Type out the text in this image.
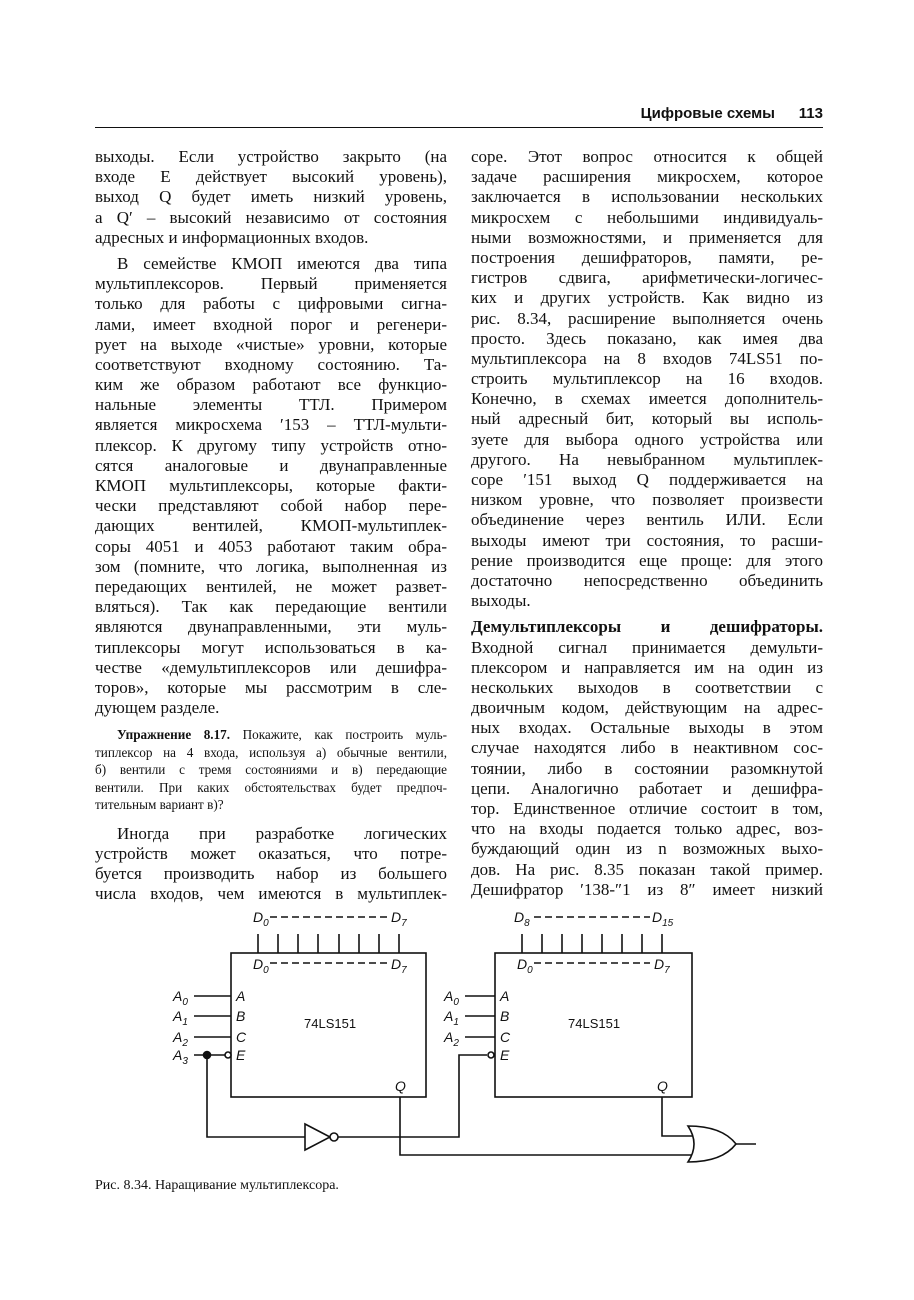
Цифровые схемы 113
выходы. Если устройство закрыто (на
входе E действует высокий уровень),
выход Q будет иметь низкий уровень,
а Q′ – высокий независимо от состояния
адресных и информационных входов.
В семействе КМОП имеются два типа
мультиплексоров. Первый применяется
только для работы с цифровыми сигна-
лами, имеет входной порог и регенери-
рует на выходе «чистые» уровни, которые
соответствуют входному состоянию. Та-
ким же образом работают все функцио-
нальные элементы ТТЛ. Примером
является микросхема ′153 – ТТЛ-мульти-
плексор. К другому типу устройств отно-
сятся аналоговые и двунаправленные
КМОП мультиплексоры, которые факти-
чески представляют собой набор пере-
дающих вентилей, КМОП-мультиплек-
соры 4051 и 4053 работают таким обра-
зом (помните, что логика, выполненная из
передающих вентилей, не может развет-
вляться). Так как передающие вентили
являются двунаправленными, эти муль-
типлексоры могут использоваться в ка-
честве «демультиплексоров или дешифра-
торов», которые мы рассмотрим в сле-
дующем разделе.
Упражнение 8.17. Покажите, как построить муль-
типлексор на 4 входа, используя а) обычные вентили,
б) вентили с тремя состояниями и в) передающие
вентили. При каких обстоятельствах будет предпоч-
тительным вариант в)?
Иногда при разработке логических
устройств может оказаться, что потре-
буется производить набор из большего
числа входов, чем имеются в мультиплек-
соре. Этот вопрос относится к общей
задаче расширения микросхем, которое
заключается в использовании нескольких
микросхем с небольшими индивидуаль-
ными возможностями, и применяется для
построения дешифраторов, памяти, ре-
гистров сдвига, арифметически-логичес-
ких и других устройств. Как видно из
рис. 8.34, расширение выполняется очень
просто. Здесь показано, как имея два
мультиплексора на 8 входов 74LS51 по-
строить мультиплексор на 16 входов.
Конечно, в схемах имеется дополнитель-
ный адресный бит, который вы исполь-
зуете для выбора одного устройства или
другого. На невыбранном мультиплек-
соре ′151 выход Q поддерживается на
низком уровне, что позволяет произвести
объединение через вентиль ИЛИ. Если
выходы имеют три состояния, то расши-
рение производится еще проще: для этого
достаточно непосредственно объединить
выходы.
Демультиплексоры и дешифраторы.
Входной сигнал принимается демульти-
плексором и направляется им на один из
нескольких выходов в соответствии с
двоичным кодом, действующим на адрес-
ных входах. Остальные выходы в этом
случае находятся либо в неактивном сос-
тоянии, либо в состоянии разомкнутой
цепи. Аналогично работает и дешифра-
тор. Единственное отличие состоит в том,
что на входы подается только адрес, воз-
буждающий один из n возможных выхо-
дов. На рис. 8.35 показан такой пример.
Дешифратор ′138-″1 из 8″ имеет низкий
$D_0$	$D_7$
$D_0$	$D_7$
$A_0$
$A_1$
$A_2$
$A_3$
A
B
C
E
Q
74LS151
$D_8$	$D_{15}$
$D_0$	$D_7$
$A_0$
$A_1$
$A_2$
A
B
C
E
Q
74LS151
Рис. 8.34. Наращивание мультиплексора.
